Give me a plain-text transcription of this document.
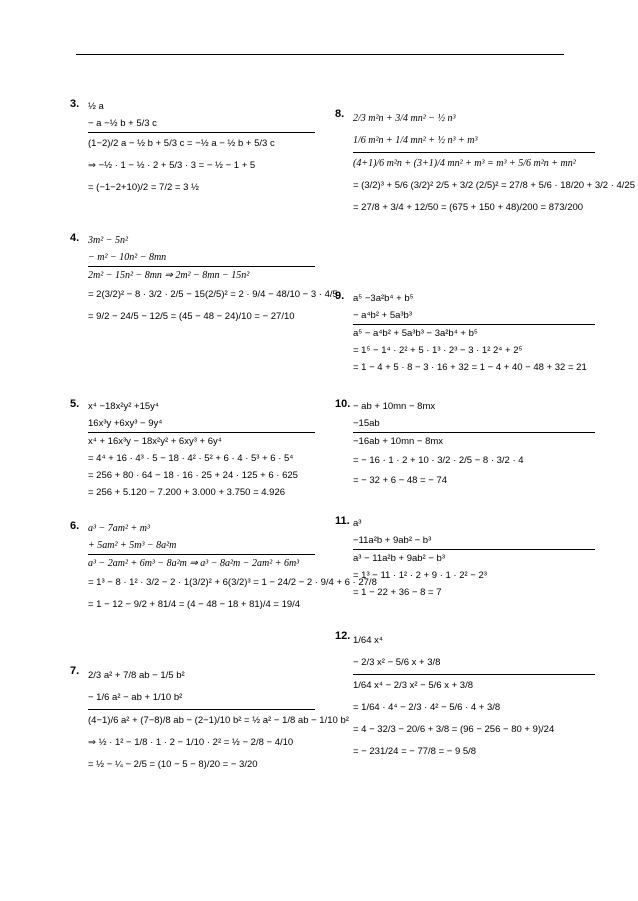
3. ½ a
− a −½ b + 5/3 c
(1−2)/2 a − ½ b + 5/3 c = −½ a − ½ b + 5/3 c
⇒ −½ · 1 − ½ · 2 + 5/3 · 3 = − ½ − 1 + 5
= (−1−2+10)/2 = 7/2 = 3 ½
4. 3m² − 5n²
− m² − 10n² − 8mn
2m² − 15n² − 8mn ⇒ 2m² − 8mn − 15n²
= 2(3/2)² − 8 · 3/2 · 2/5 − 15(2/5)² = 2 · 9/4 − 48/10 − 3 · 4/5
= 9/2 − 24/5 − 12/5 = (45 − 48 − 24)/10 = − 27/10
5. x⁴ −18x²y² +15y⁴
16x³y +6xy³ − 9y⁴
x⁴ + 16x³y − 18x²y² + 6xy³ + 6y⁴
= 4⁴ + 16 · 4³ · 5 − 18 · 4² · 5² + 6 · 4 · 5³ + 6 · 5⁴
= 256 + 80 · 64 − 18 · 16 · 25 + 24 · 125 + 6 · 625
= 256 + 5.120 − 7.200 + 3.000 + 3.750 = 4.926
6. a³ − 7am² + m³
+ 5am² + 5m³ − 8a²m
a³ − 2am² + 6m³ − 8a²m ⇒ a³ − 8a²m − 2am² + 6m³
= 1³ − 8 · 1² · 3/2 − 2 · 1(3/2)² + 6(3/2)³ = 1 − 24/2 − 2 · 9/4 + 6 · 27/8
= 1 − 12 − 9/2 + 81/4 = (4 − 48 − 18 + 81)/4 = 19/4
7. 2/3 a² + 7/8 ab − 1/5 b²
− 1/6 a² − ab + 1/10 b²
(4−1)/6 a² + (7−8)/8 ab − (2−1)/10 b² = ½ a² − 1/8 ab − 1/10 b²
⇒ ½ · 1² − 1/8 · 1 · 2 − 1/10 · 2² = ½ − 2/8 − 4/10
= ½ − ¼ − 2/5 = (10 − 5 − 8)/20 = − 3/20
8. 2/3 m²n + 3/4 mn² − ½ n³
1/6 m²n + 1/4 mn² + ½ n³ + m³
(4+1)/6 m²n + (3+1)/4 mn² + m³ = m³ + 5/6 m²n + mn²
= (3/2)³ + 5/6 (3/2)² 2/5 + 3/2 (2/5)² = 27/8 + 5/6 · 18/20 + 3/2 · 4/25
= 27/8 + 3/4 + 12/50 = (675 + 150 + 48)/200 = 873/200
9. a⁵ −3a²b⁴ + b⁵
− a⁴b² + 5a³b³
a⁵ − a⁴b² + 5a³b³ − 3a²b⁴ + b⁵
= 1⁵ − 1⁴ · 2² + 5 · 1³ · 2³ − 3 · 1² 2⁴ + 2⁵
= 1 − 4 + 5 · 8 − 3 · 16 + 32 = 1 − 4 + 40 − 48 + 32 = 21
10. − ab + 10mn − 8mx
−15ab
−16ab + 10mn − 8mx
= − 16 · 1 · 2 + 10 · 3/2 · 2/5 − 8 · 3/2 · 4
= − 32 + 6 − 48 = − 74
11. a³
−11a²b + 9ab² − b³
a³ − 11a²b + 9ab² − b³
= 1³ − 11 · 1² · 2 + 9 · 1 · 2² − 2³
= 1 − 22 + 36 − 8 = 7
12. 1/64 x⁴
− 2/3 x² − 5/6 x + 3/8
1/64 x⁴ − 2/3 x² − 5/6 x + 3/8
= 1/64 · 4⁴ − 2/3 · 4² − 5/6 · 4 + 3/8
= 4 − 32/3 − 20/6 + 3/8 = (96 − 256 − 80 + 9)/24
= − 231/24 = − 77/8 = − 9 5/8
